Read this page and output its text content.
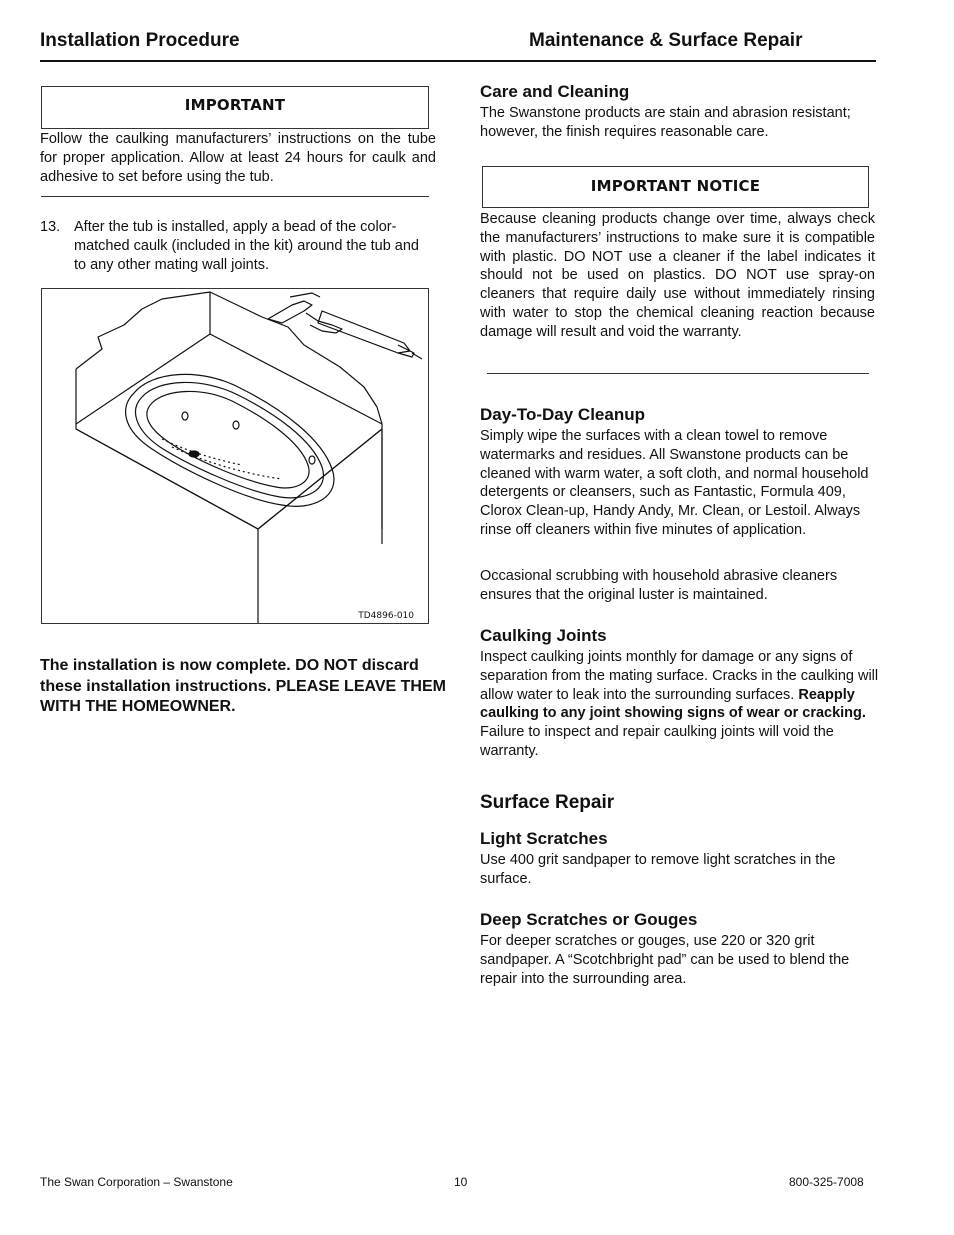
Installation Procedure	Maintenance & Surface Repair
IMPORTANT
Follow the caulking manufacturers’ instructions on the tube for proper application. Allow at least 24 hours for caulk and adhesive to set before using the tub.
13. After the tub is installed, apply a bead of the color-matched caulk (included in the kit) around the tub and to any other mating wall joints.
TD4896-010
The installation is now complete. DO NOT discard these installation instructions. PLEASE LEAVE THEM WITH THE HOMEOWNER.
Care and Cleaning
The Swanstone products are stain and abrasion resistant; however, the finish requires reasonable care.
IMPORTANT NOTICE
Because cleaning products change over time, always check the manufacturers’ instructions to make sure it is compatible with plastic. DO NOT use a cleaner if the label indicates it should not be used on plastics. DO NOT use spray-on cleaners that require daily use without immediately rinsing with water to stop the chemical cleaning reaction because damage will result and void the warranty.
Day-To-Day Cleanup
Simply wipe the surfaces with a clean towel to remove watermarks and residues. All Swanstone products can be cleaned with warm water, a soft cloth, and normal household detergents or cleansers, such as Fantastic, Formula 409, Clorox Clean-up, Handy Andy, Mr. Clean, or Lestoil. Always rinse off cleaners within five minutes of application.
Occasional scrubbing with household abrasive cleaners ensures that the original luster is maintained.
Caulking Joints
Inspect caulking joints monthly for damage or any signs of separation from the mating surface. Cracks in the caulking will allow water to leak into the surrounding surfaces. Reapply caulking to any joint showing signs of wear or cracking. Failure to inspect and repair caulking joints will void the warranty.
Surface Repair
Light Scratches
Use 400 grit sandpaper to remove light scratches in the surface.
Deep Scratches or Gouges
For deeper scratches or gouges, use 220 or 320 grit sandpaper. A “Scotchbright pad” can be used to blend the repair into the surrounding area.
The Swan Corporation – Swanstone	10	800-325-7008
